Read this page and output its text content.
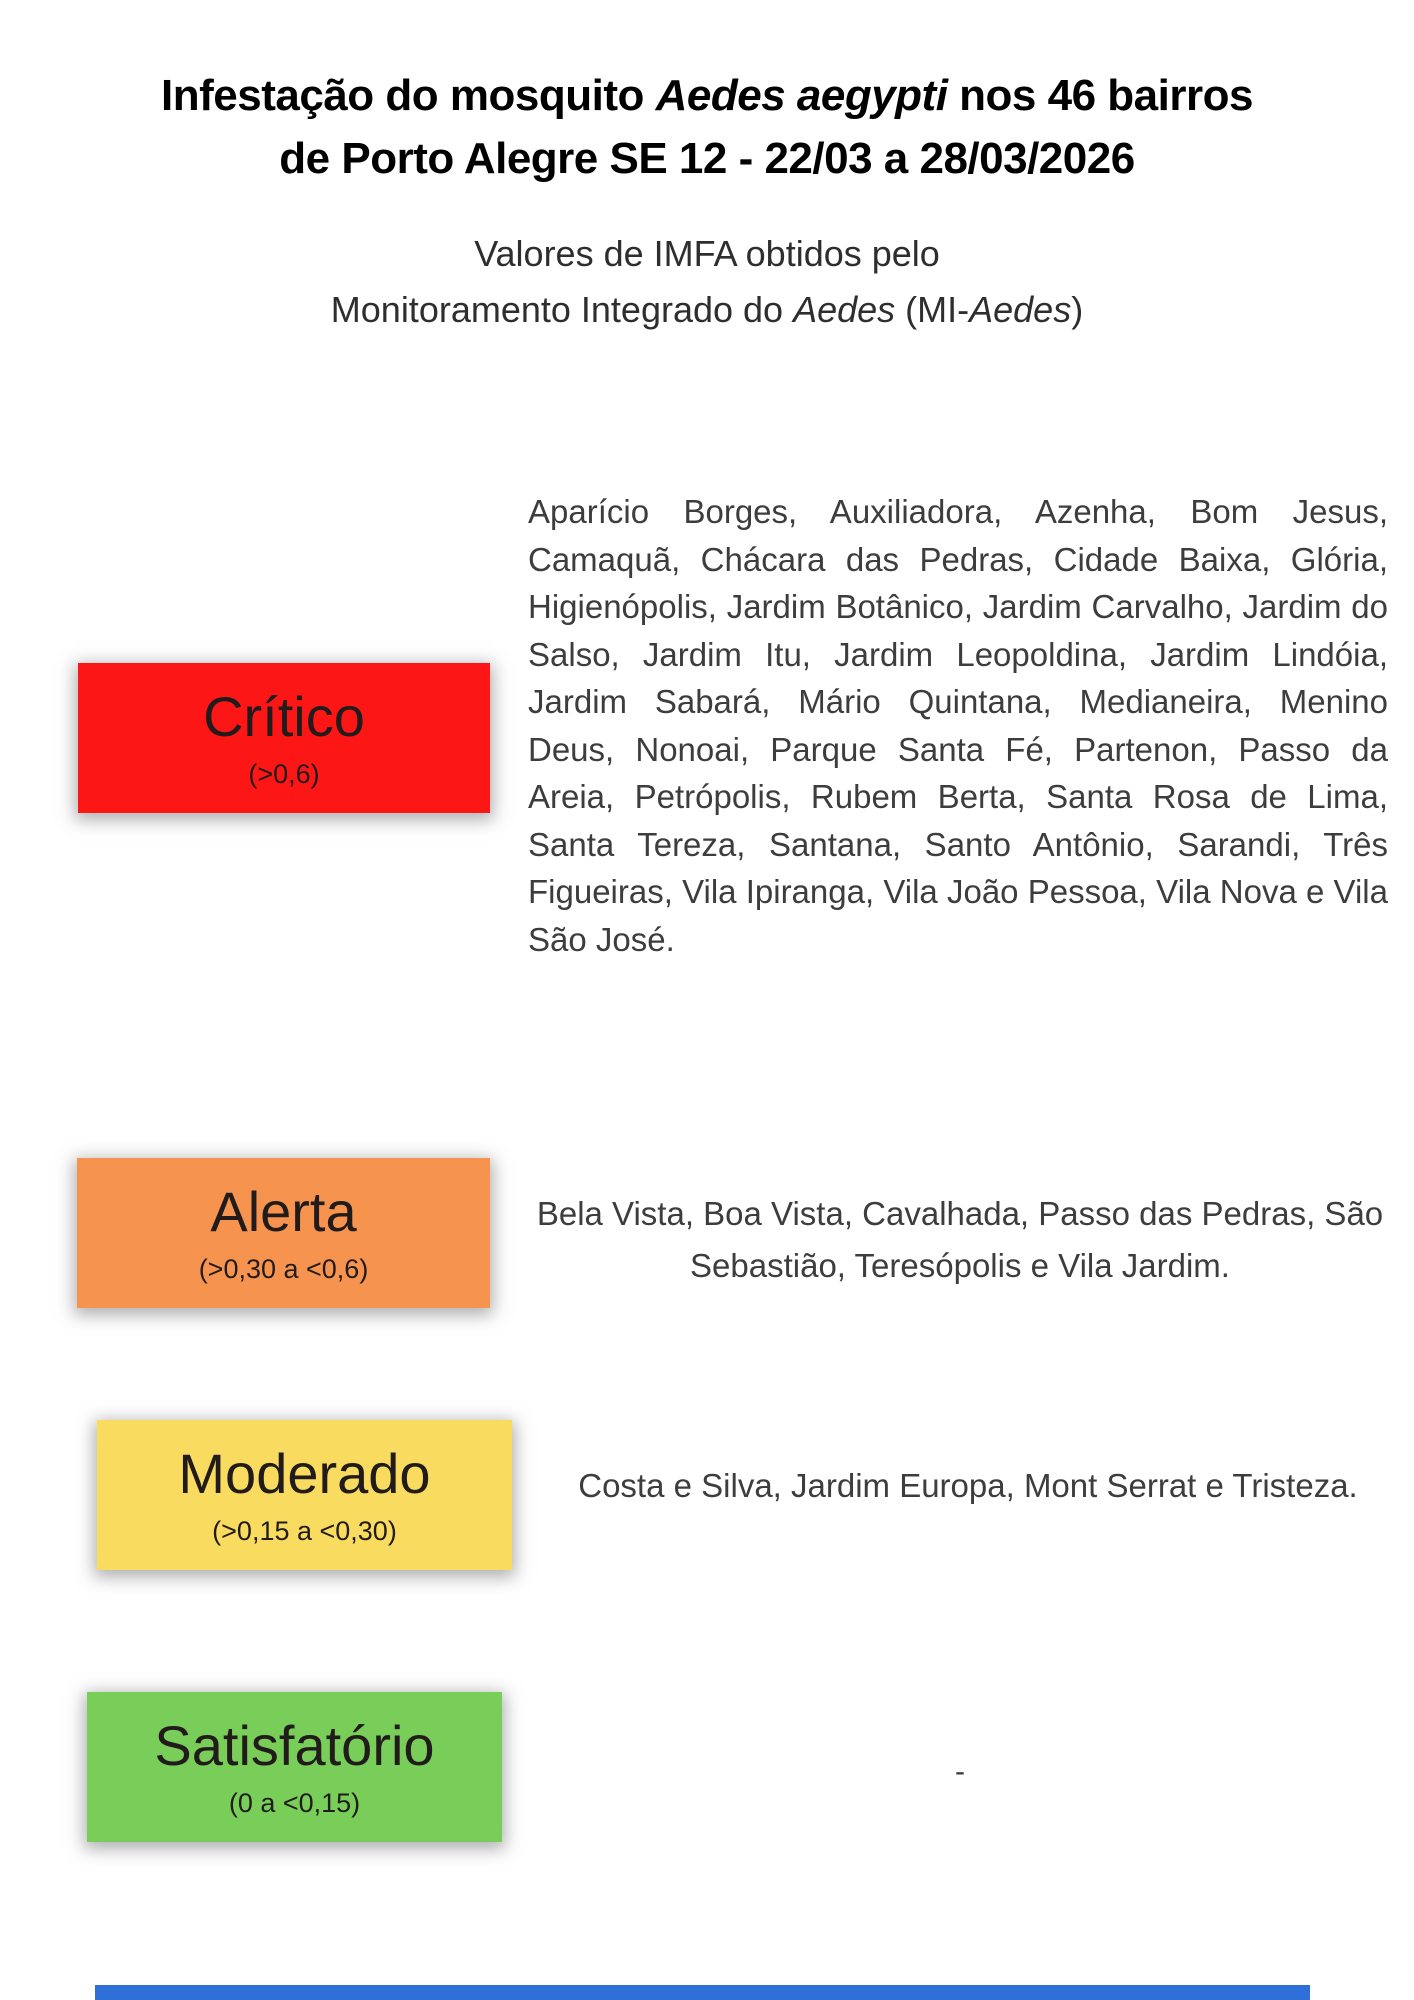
Infestação do mosquito Aedes aegypti nos 46 bairros
de Porto Alegre SE 12 - 22/03 a 28/03/2026
Valores de IMFA obtidos pelo
Monitoramento Integrado do Aedes (MI-Aedes)
Crítico
(>0,6)
Aparício Borges, Auxiliadora, Azenha, Bom Jesus, Camaquã, Chácara das Pedras, Cidade Baixa, Glória, Higienópolis, Jardim Botânico, Jardim Carvalho, Jardim do Salso, Jardim Itu, Jardim Leopoldina, Jardim Lindóia, Jardim Sabará, Mário Quintana, Medianeira, Menino Deus, Nonoai, Parque Santa Fé, Partenon, Passo da Areia, Petrópolis, Rubem Berta, Santa Rosa de Lima, Santa Tereza, Santana, Santo Antônio, Sarandi, Três Figueiras, Vila Ipiranga, Vila João Pessoa, Vila Nova e Vila São José.
Alerta
(>0,30 a <0,6)
Bela Vista, Boa Vista, Cavalhada, Passo das Pedras, São Sebastião, Teresópolis e Vila Jardim.
Moderado
(>0,15 a <0,30)
Costa e Silva, Jardim Europa, Mont Serrat e Tristeza.
Satisfatório
(0 a <0,15)
-
